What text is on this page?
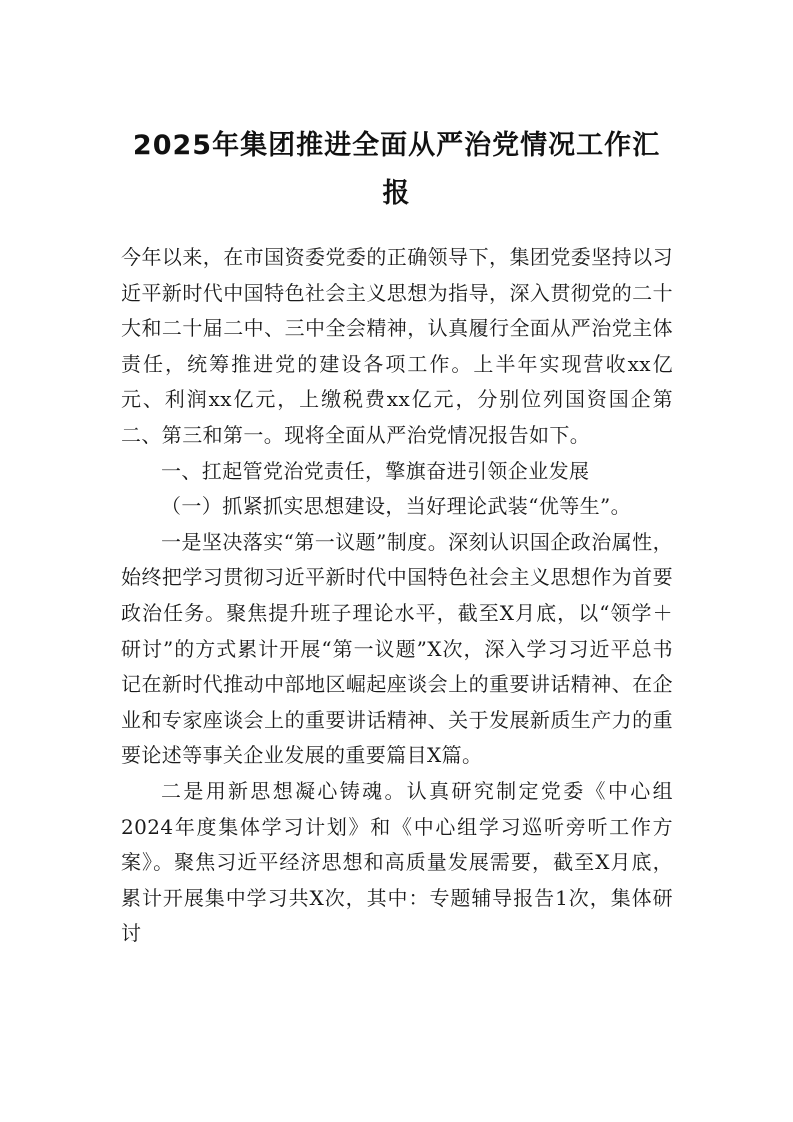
2025年集团推进全面从严治党情况工作汇报

今年以来，在市国资委党委的正确领导下，集团党委坚持以习近平新时代中国特色社会主义思想为指导，深入贯彻党的二十大和二十届二中、三中全会精神，认真履行全面从严治党主体责任，统筹推进党的建设各项工作。上半年实现营收xx亿元、利润xx亿元，上缴税费xx亿元，分别位列国资国企第二、第三和第一。现将全面从严治党情况报告如下。

一、扛起管党治党责任，擎旗奋进引领企业发展

（一）抓紧抓实思想建设，当好理论武装“优等生”。

一是坚决落实“第一议题”制度。深刻认识国企政治属性，始终把学习贯彻习近平新时代中国特色社会主义思想作为首要政治任务。聚焦提升班子理论水平，截至X月底，以“领学＋研讨”的方式累计开展“第一议题”X次，深入学习习近平总书记在新时代推动中部地区崛起座谈会上的重要讲话精神、在企业和专家座谈会上的重要讲话精神、关于发展新质生产力的重要论述等事关企业发展的重要篇目X篇。

二是用新思想凝心铸魂。认真研究制定党委《中心组2024年度集体学习计划》和《中心组学习巡听旁听工作方案》。聚焦习近平经济思想和高质量发展需要，截至X月底，累计开展集中学习共X次，其中：专题辅导报告1次，集体研讨
